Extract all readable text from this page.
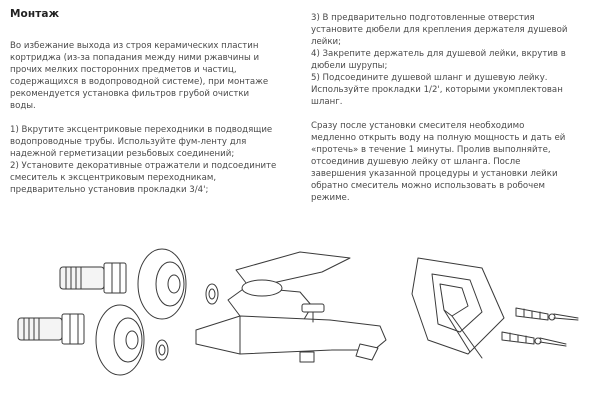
Монтаж

Во избежание выхода из строя керамических пластин
кортриджа (из-за попадания между ними ржавчины и
прочих мелких посторонних предметов и частиц,
содержащихся в водопроводной системе), при монтаже
рекомендуется установка фильтров грубой очистки
воды.

1) Вкрутите эксцентриковые переходники в подводящие
водопроводные трубы. Используйте фум-ленту для
надежной герметизации резьбовых соединений;

2) Установите декоративные отражатели и подсоедините
смеситель к эксцентриковым переходникам,
предварительно установив прокладки 3/4';

3) В предварительно подготовленные отверстия
установите дюбели для крепления держателя душевой
лейки;

4) Закрепите держатель для душевой лейки, вкрутив в
дюбели шурупы;

5) Подсоедините душевой шланг и душевую лейку.
Используйте прокладки 1/2', которыми укомплектован
шланг.

Сразу после установки смесителя необходимо
медленно открыть воду на полную мощность и дать ей
«протечь» в течение 1 минуты. Пролив выполняйте,
отсоединив душевую лейку от шланга. После
завершения указанной процедуры и установки лейки
обратно смеситель можно использовать в робочем
режиме.
